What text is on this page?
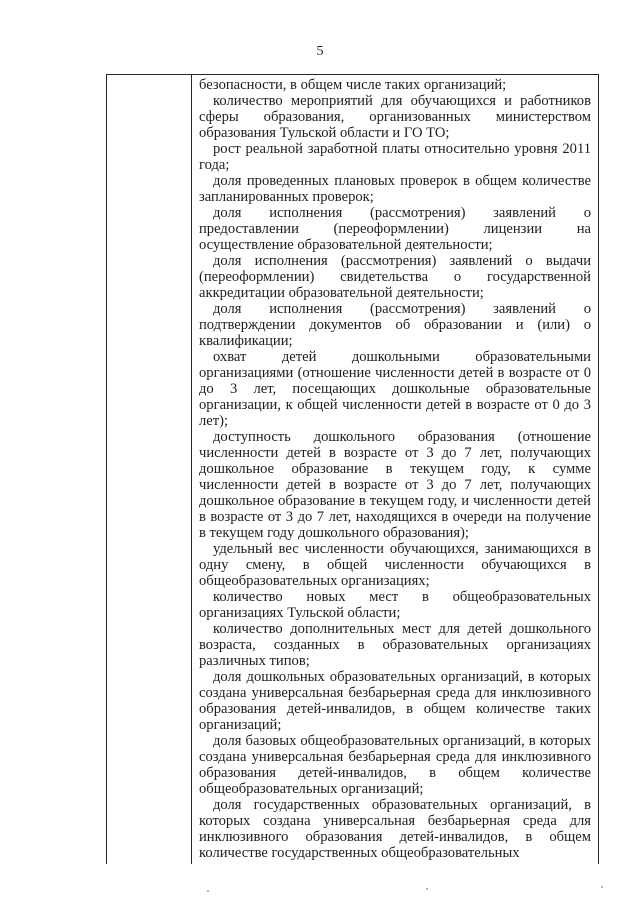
5

безопасности, в общем числе таких организаций;

количество мероприятий для обучающихся и работников сферы образования, организованных министерством образования Тульской области и ГО ТО;

рост реальной заработной платы относительно уровня 2011 года;

доля проведенных плановых проверок в общем количестве запланированных проверок;

доля исполнения (рассмотрения) заявлений о предоставлении (переоформлении) лицензии на осуществление образовательной деятельности;

доля исполнения (рассмотрения) заявлений о выдачи (переоформлении) свидетельства о государственной аккредитации образовательной деятельности;

доля исполнения (рассмотрения) заявлений о подтверждении документов об образовании и (или) о квалификации;

охват детей дошкольными образовательными организациями (отношение численности детей в возрасте от 0 до 3 лет, посещающих дошкольные образовательные организации, к общей численности детей в возрасте от 0 до 3 лет);

доступность дошкольного образования (отношение численности детей в возрасте от 3 до 7 лет, получающих дошкольное образование в текущем году, к сумме численности детей в возрасте от 3 до 7 лет, получающих дошкольное образование в текущем году, и численности детей в возрасте от 3 до 7 лет, находящихся в очереди на получение в текущем году дошкольного образования);

удельный вес численности обучающихся, занимающихся в одну смену, в общей численности обучающихся в общеобразовательных организациях;

количество новых мест в общеобразовательных организациях Тульской области;

количество дополнительных мест для детей дошкольного возраста, созданных в образовательных организациях различных типов;

доля дошкольных образовательных организаций, в которых создана универсальная безбарьерная среда для инклюзивного образования детей-инвалидов, в общем количестве таких организаций;

доля базовых общеобразовательных организаций, в которых создана универсальная безбарьерная среда для инклюзивного образования детей-инвалидов, в общем количестве общеобразовательных организаций;

доля государственных образовательных организаций, в которых создана универсальная безбарьерная среда для инклюзивного образования детей-инвалидов, в общем количестве государственных общеобразовательных
